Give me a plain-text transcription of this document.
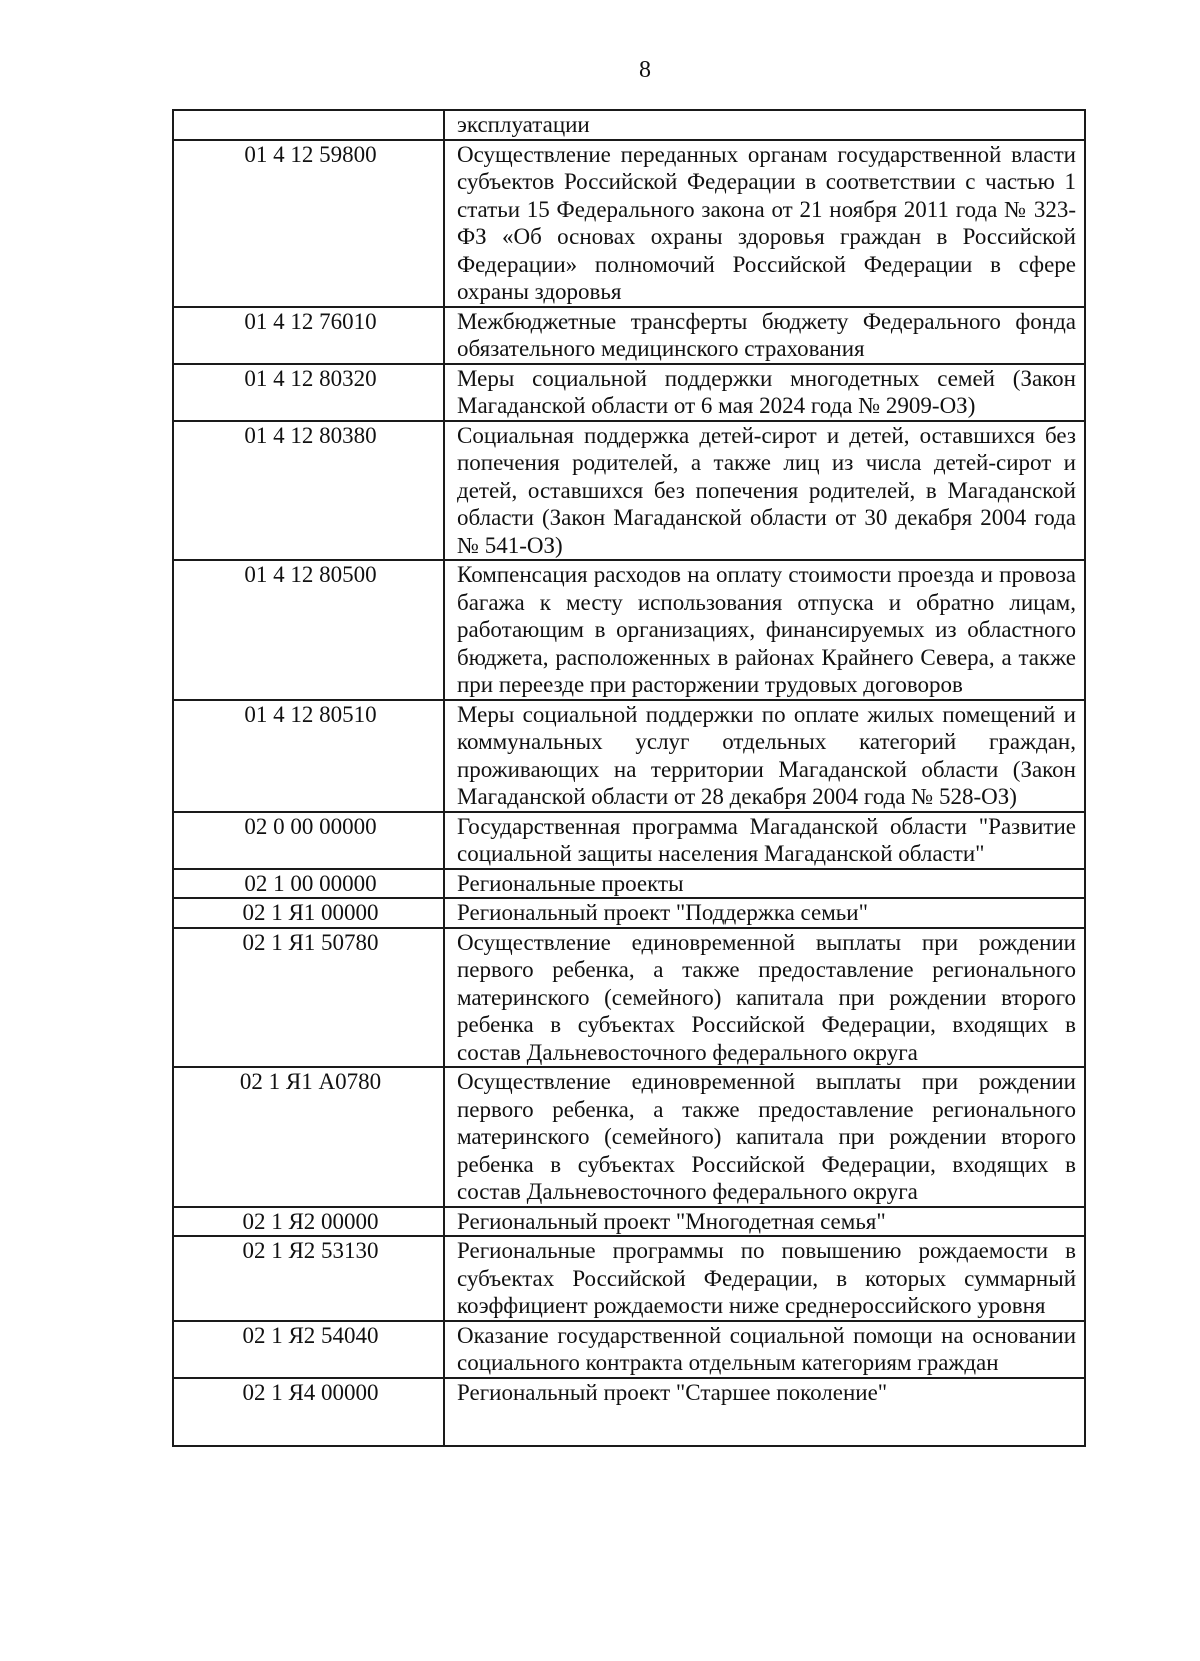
8
	эксплуатации
01 4 12 59800	Осуществление переданных органам государственной власти субъектов Российской Федерации в соответствии с частью 1 статьи 15 Федерального закона от 21 ноября 2011 года № 323-ФЗ «Об основах охраны здоровья граждан в Российской Федерации» полномочий Российской Федерации в сфере охраны здоровья
01 4 12 76010	Межбюджетные трансферты бюджету Федерального фонда обязательного медицинского страхования
01 4 12 80320	Меры социальной поддержки многодетных семей (Закон Магаданской области от 6 мая 2024 года № 2909-ОЗ)
01 4 12 80380	Социальная поддержка детей-сирот и детей, оставшихся без попечения родителей, а также лиц из числа детей-сирот и детей, оставшихся без попечения родителей, в Магаданской области (Закон Магаданской области от 30 декабря 2004 года № 541-ОЗ)
01 4 12 80500	Компенсация расходов на оплату стоимости проезда и провоза багажа к месту использования отпуска и обратно лицам, работающим в организациях, финансируемых из областного бюджета, расположенных в районах Крайнего Севера, а также при переезде при расторжении трудовых договоров
01 4 12 80510	Меры социальной поддержки по оплате жилых помещений и коммунальных услуг отдельных категорий граждан, проживающих на территории Магаданской области (Закон Магаданской области от 28 декабря 2004 года № 528-ОЗ)
02 0 00 00000	Государственная программа Магаданской области "Развитие социальной защиты населения Магаданской области"
02 1 00 00000	Региональные проекты
02 1 Я1 00000	Региональный проект "Поддержка семьи"
02 1 Я1 50780	Осуществление единовременной выплаты при рождении первого ребенка, а также предоставление регионального материнского (семейного) капитала при рождении второго ребенка в субъектах Российской Федерации, входящих в состав Дальневосточного федерального округа
02 1 Я1 А0780	Осуществление единовременной выплаты при рождении первого ребенка, а также предоставление регионального материнского (семейного) капитала при рождении второго ребенка в субъектах Российской Федерации, входящих в состав Дальневосточного федерального округа
02 1 Я2 00000	Региональный проект "Многодетная семья"
02 1 Я2 53130	Региональные программы по повышению рождаемости в субъектах Российской Федерации, в которых суммарный коэффициент рождаемости ниже среднероссийского уровня
02 1 Я2 54040	Оказание государственной социальной помощи на основании социального контракта отдельным категориям граждан
02 1 Я4 00000	Региональный проект "Старшее поколение"
